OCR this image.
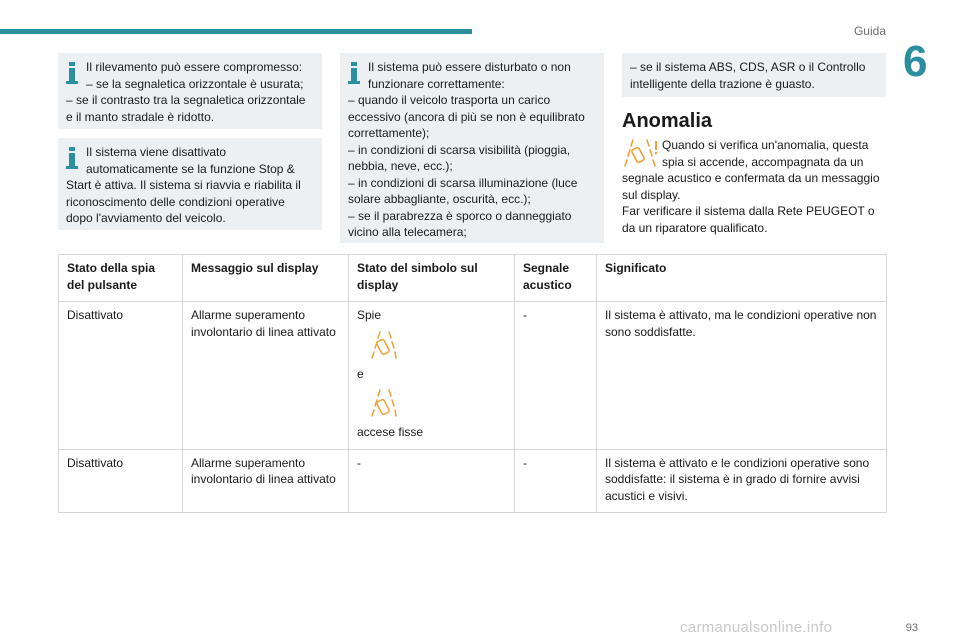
Guida
6

Il rilevamento può essere compromesso:
– se la segnaletica orizzontale è usurata;
– se il contrasto tra la segnaletica orizzontale e il manto stradale è ridotto.

Il sistema viene disattivato automaticamente se la funzione Stop & Start è attiva. Il sistema si riavvia e riabilita il riconoscimento delle condizioni operative dopo l'avviamento del veicolo.

Il sistema può essere disturbato o non funzionare correttamente:
– quando il veicolo trasporta un carico eccessivo (ancora di più se non è equilibrato correttamente);
– in condizioni di scarsa visibilità (pioggia, nebbia, neve, ecc.);
– in condizioni di scarsa illuminazione (luce solare abbagliante, oscurità, ecc.);
– se il parabrezza è sporco o danneggiato vicino alla telecamera;

– se il sistema ABS, CDS, ASR o il Controllo intelligente della trazione è guasto.

Anomalia

Quando si verifica un'anomalia, questa spia si accende, accompagnata da un segnale acustico e confermata da un messaggio sul display.

Far verificare il sistema dalla Rete PEUGEOT o da un riparatore qualificato.

Stato della spia del pulsante	Messaggio sul display	Stato del simbolo sul display	Segnale acustico	Significato
Disattivato	Allarme superamento involontario di linea attivato	Spie
e
accese fisse	-	Il sistema è attivato, ma le condizioni operative non sono soddisfatte.
Disattivato	Allarme superamento involontario di linea attivato	-	-	Il sistema è attivato e le condizioni operative sono soddisfatte: il sistema è in grado di fornire avvisi acustici e visivi.
carmanualsonline.info	93
